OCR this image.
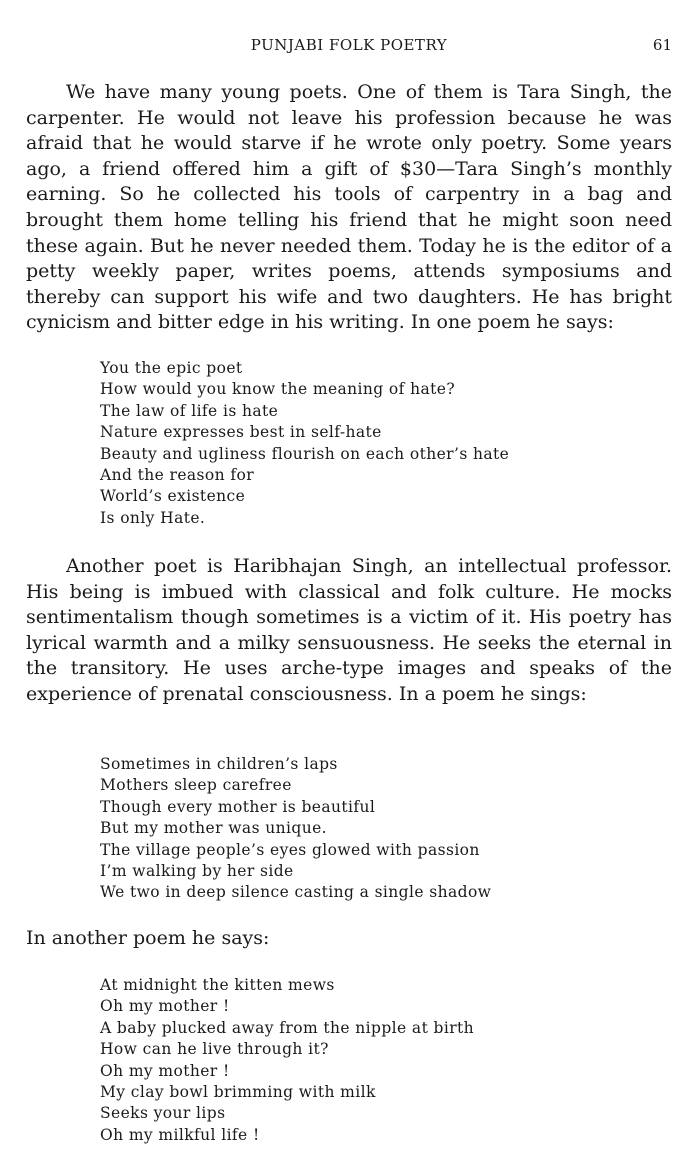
PUNJABI FOLK POETRY	61

We have many young poets. One of them is Tara Singh, the carpenter. He would not leave his profession because he was afraid that he would starve if he wrote only poetry. Some years ago, a friend offered him a gift of $30—Tara Singh’s monthly earning. So he collected his tools of carpentry in a bag and brought them home telling his friend that he might soon need these again. But he never needed them. Today he is the editor of a petty weekly paper, writes poems, attends symposiums and thereby can support his wife and two daughters. He has bright cynicism and bitter edge in his writing. In one poem he says:

You the epic poet
How would you know the meaning of hate?
The law of life is hate
Nature expresses best in self-hate
Beauty and ugliness flourish on each other’s hate
And the reason for
World’s existence
Is only Hate.

Another poet is Haribhajan Singh, an intellectual professor. His being is imbued with classical and folk culture. He mocks sentimentalism though sometimes is a victim of it. His poetry has lyrical warmth and a milky sensuousness. He seeks the eternal in the transitory. He uses arche-type images and speaks of the experience of prenatal consciousness. In a poem he sings:

Sometimes in children’s laps
Mothers sleep carefree
Though every mother is beautiful
But my mother was unique.
The village people’s eyes glowed with passion
I’m walking by her side
We two in deep silence casting a single shadow

In another poem he says:

At midnight the kitten mews
Oh my mother !
A baby plucked away from the nipple at birth
How can he live through it?
Oh my mother !
My clay bowl brimming with milk
Seeks your lips
Oh my milkful life !
